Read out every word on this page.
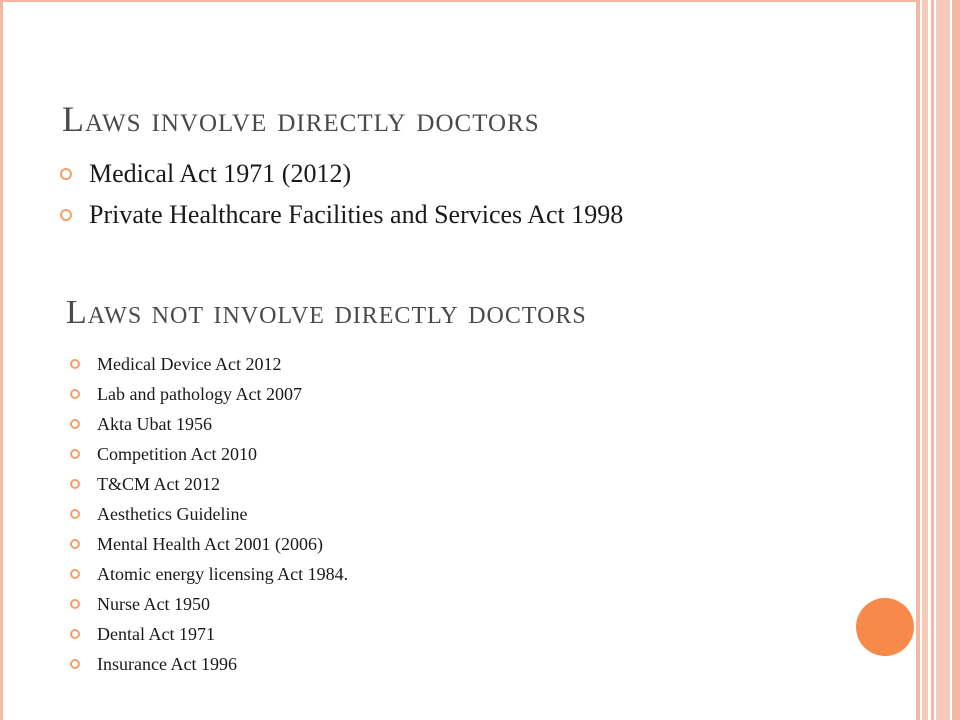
Laws involve directly doctors
Medical Act 1971 (2012)
Private Healthcare Facilities and Services Act 1998
Laws not involve directly doctors
Medical Device Act 2012
Lab and pathology Act 2007
Akta Ubat 1956
Competition Act 2010
T&CM Act 2012
Aesthetics Guideline
Mental Health Act 2001 (2006)
Atomic energy licensing Act 1984.
Nurse Act 1950
Dental Act 1971
Insurance Act 1996
